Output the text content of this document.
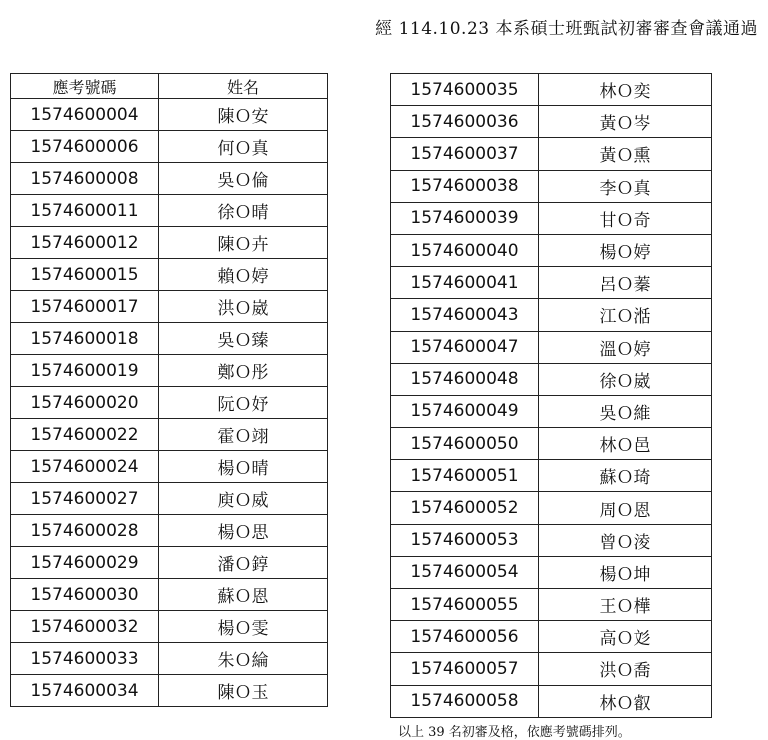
經 114.10.23 本系碩士班甄試初審審查會議通過
應考號碼	姓名
1574600004	陳Ｏ安
1574600006	何Ｏ真
1574600008	吳Ｏ倫
1574600011	徐Ｏ晴
1574600012	陳Ｏ卉
1574600015	賴Ｏ婷
1574600017	洪Ｏ崴
1574600018	吳Ｏ臻
1574600019	鄭Ｏ彤
1574600020	阮Ｏ妤
1574600022	霍Ｏ翊
1574600024	楊Ｏ晴
1574600027	庾Ｏ威
1574600028	楊Ｏ思
1574600029	潘Ｏ錞
1574600030	蘇Ｏ恩
1574600032	楊Ｏ雯
1574600033	朱Ｏ綸
1574600034	陳Ｏ玉
1574600035	林Ｏ奕
1574600036	黃Ｏ岑
1574600037	黃Ｏ熏
1574600038	李Ｏ真
1574600039	甘Ｏ奇
1574600040	楊Ｏ婷
1574600041	呂Ｏ蓁
1574600043	江Ｏ湉
1574600047	溫Ｏ婷
1574600048	徐Ｏ崴
1574600049	吳Ｏ維
1574600050	林Ｏ邑
1574600051	蘇Ｏ琦
1574600052	周Ｏ恩
1574600053	曾Ｏ淩
1574600054	楊Ｏ坤
1574600055	王Ｏ樺
1574600056	高Ｏ彣
1574600057	洪Ｏ喬
1574600058	林Ｏ叡
以上 39 名初審及格，依應考號碼排列。
